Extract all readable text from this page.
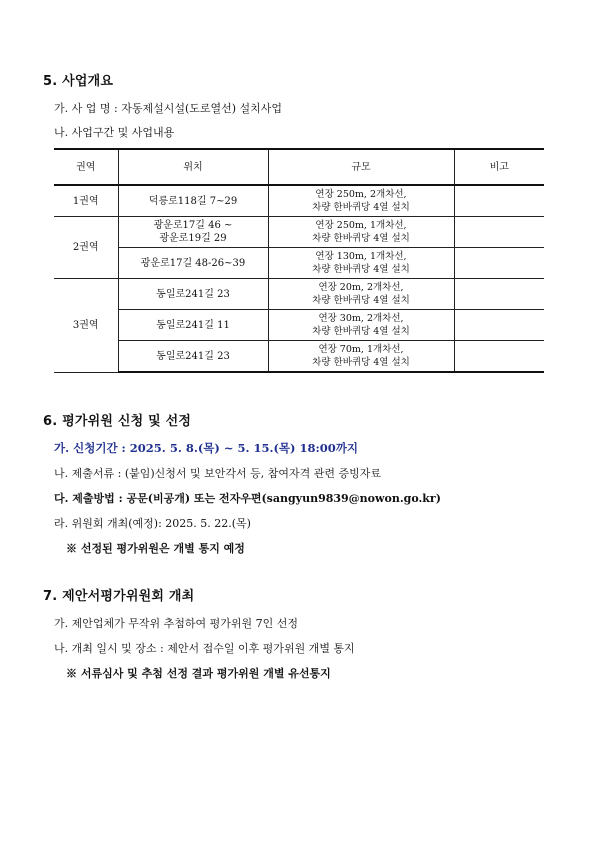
5. 사업개요
가. 사 업 명 : 자동제설시설(도로열선) 설치사업
나. 사업구간 및 사업내용
권역	위치	규모	비고
1권역	덕릉로118길 7~29	연장 250m, 2개차선,
차량 한바퀴당 4열 설치	

2권역	광운로17길 46 ~
광운로19길 29	연장 250m, 1개차선,
차량 한바퀴당 4열 설치	

	광운로17길 48-26~39	연장 130m, 1개차선,
차량 한바퀴당 4열 설치	

3권역	동일로241길 23	연장 20m, 2개차선,
차량 한바퀴당 4열 설치	

	동일로241길 11	연장 30m, 2개차선,
차량 한바퀴당 4열 설치	

	동일로241길 23	연장 70m, 1개차선,
차량 한바퀴당 4열 설치	

6. 평가위원 신청 및 선정
가. 신청기간 : 2025. 5. 8.(목) ~ 5. 15.(목) 18:00까지
나. 제출서류 : (붙임)신청서 및 보안각서 등, 참여자격 관련 증빙자료
다. 제출방법 : 공문(비공개) 또는 전자우편(sangyun9839@nowon.go.kr)
라. 위원회 개최(예정): 2025. 5. 22.(목)
※ 선정된 평가위원은 개별 통지 예정
7. 제안서평가위원회 개최
가. 제안업체가 무작위 추첨하여 평가위원 7인 선정
나. 개최 일시 및 장소 : 제안서 접수일 이후 평가위원 개별 통지
※ 서류심사 및 추첨 선정 결과 평가위원 개별 유선통지
